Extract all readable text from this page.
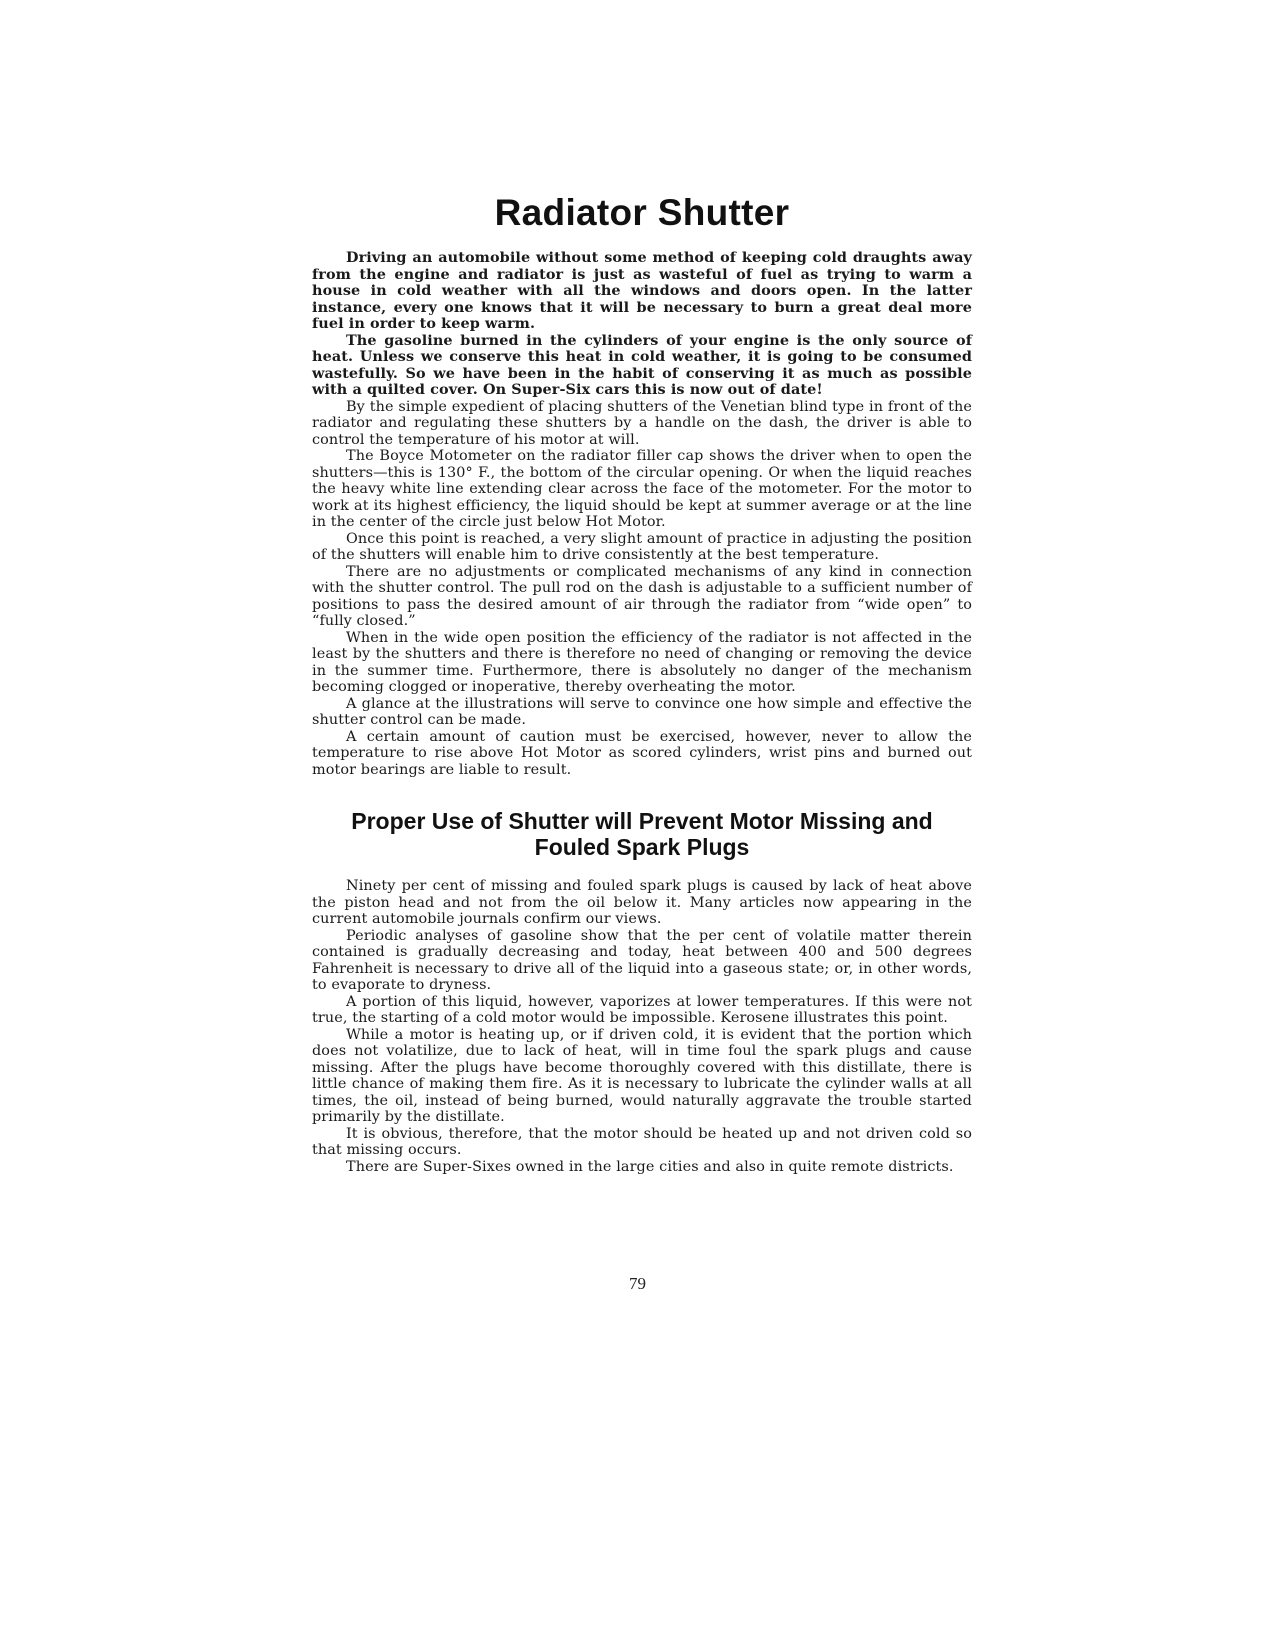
Radiator Shutter

Driving an automobile without some method of keeping cold draughts away from the engine and radiator is just as wasteful of fuel as trying to warm a house in cold weather with all the windows and doors open. In the latter instance, every one knows that it will be necessary to burn a great deal more fuel in order to keep warm.

The gasoline burned in the cylinders of your engine is the only source of heat. Unless we conserve this heat in cold weather, it is going to be consumed wastefully. So we have been in the habit of conserving it as much as possible with a quilted cover. On Super-Six cars this is now out of date!

By the simple expedient of placing shutters of the Venetian blind type in front of the radiator and regulating these shutters by a handle on the dash, the driver is able to control the temperature of his motor at will.

The Boyce Motometer on the radiator filler cap shows the driver when to open the shutters—this is 130° F., the bottom of the circular opening. Or when the liquid reaches the heavy white line extending clear across the face of the motometer. For the motor to work at its highest efficiency, the liquid should be kept at summer average or at the line in the center of the circle just below Hot Motor.

Once this point is reached, a very slight amount of practice in adjusting the position of the shutters will enable him to drive consistently at the best temperature.

There are no adjustments or complicated mechanisms of any kind in connection with the shutter control. The pull rod on the dash is adjustable to a sufficient number of positions to pass the desired amount of air through the radiator from “wide open” to “fully closed.”

When in the wide open position the efficiency of the radiator is not affected in the least by the shutters and there is therefore no need of changing or removing the device in the summer time. Furthermore, there is absolutely no danger of the mechanism becoming clogged or inoperative, thereby overheating the motor.

A glance at the illustrations will serve to convince one how simple and effective the shutter control can be made.

A certain amount of caution must be exercised, however, never to allow the temperature to rise above Hot Motor as scored cylinders, wrist pins and burned out motor bearings are liable to result.

Proper Use of Shutter will Prevent Motor Missing and
Fouled Spark Plugs

Ninety per cent of missing and fouled spark plugs is caused by lack of heat above the piston head and not from the oil below it. Many articles now appearing in the current automobile journals confirm our views.

Periodic analyses of gasoline show that the per cent of volatile matter therein contained is gradually decreasing and today, heat between 400 and 500 degrees Fahrenheit is necessary to drive all of the liquid into a gaseous state; or, in other words, to evaporate to dryness.

A portion of this liquid, however, vaporizes at lower temperatures. If this were not true, the starting of a cold motor would be impossible. Kerosene illustrates this point.

While a motor is heating up, or if driven cold, it is evident that the portion which does not volatilize, due to lack of heat, will in time foul the spark plugs and cause missing. After the plugs have become thoroughly covered with this distillate, there is little chance of making them fire. As it is necessary to lubricate the cylinder walls at all times, the oil, instead of being burned, would naturally aggravate the trouble started primarily by the distillate.

It is obvious, therefore, that the motor should be heated up and not driven cold so that missing occurs.

There are Super-Sixes owned in the large cities and also in quite remote districts.

79
